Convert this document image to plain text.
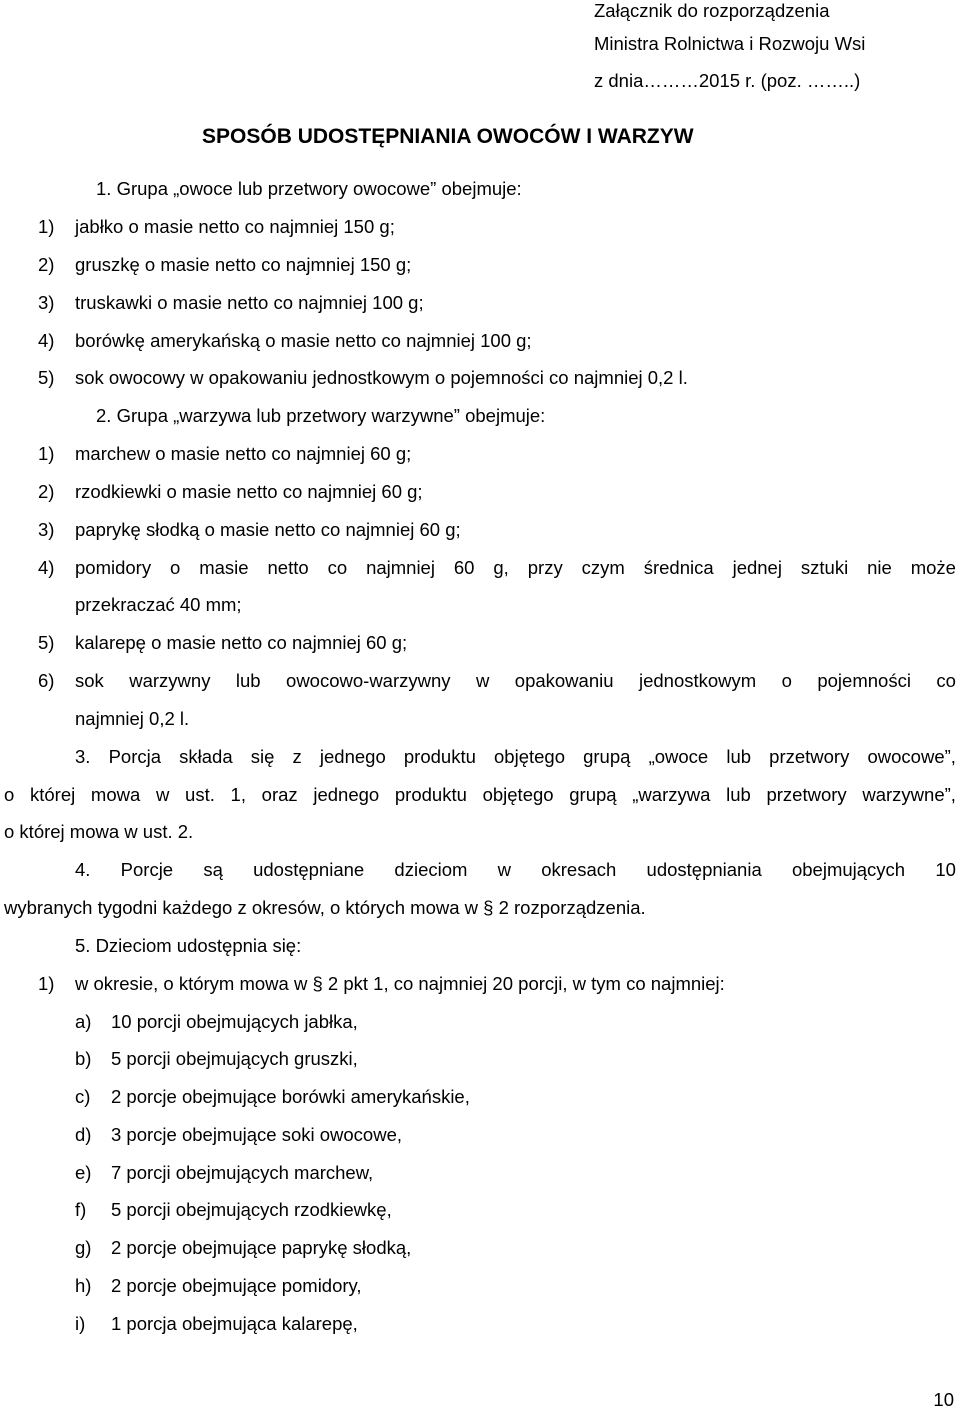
Załącznik do rozporządzenia
Ministra Rolnictwa i Rozwoju Wsi
z dnia………2015 r. (poz. ……..)
SPOSÓB UDOSTĘPNIANIA OWOCÓW I WARZYW
1. Grupa „owoce lub przetwory owocowe” obejmuje:
1) jabłko o masie netto co najmniej 150 g;
2) gruszkę o masie netto co najmniej 150 g;
3) truskawki o masie netto co najmniej 100 g;
4) borówkę amerykańską o masie netto co najmniej 100 g;
5) sok owocowy w opakowaniu jednostkowym o pojemności co najmniej 0,2 l.
2. Grupa „warzywa lub przetwory warzywne” obejmuje:
1) marchew o masie netto co najmniej 60 g;
2) rzodkiewki o masie netto co najmniej 60 g;
3) paprykę słodką o masie netto co najmniej 60 g;
4) pomidory o masie netto co najmniej 60 g, przy czym średnica jednej sztuki nie może
przekraczać 40 mm;
5) kalarepę o masie netto co najmniej 60 g;
6) sok warzywny lub owocowo-warzywny w opakowaniu jednostkowym o pojemności co
najmniej 0,2 l.
3. Porcja składa się z jednego produktu objętego grupą „owoce lub przetwory owocowe”,
o której mowa w ust. 1, oraz jednego produktu objętego grupą „warzywa lub przetwory warzywne”,
o której mowa w ust. 2.
4. Porcje są udostępniane dzieciom w okresach udostępniania obejmujących 10
wybranych tygodni każdego z okresów, o których mowa w § 2 rozporządzenia.
5. Dzieciom udostępnia się:
1) w okresie, o którym mowa w § 2 pkt 1, co najmniej 20 porcji, w tym co najmniej:
a) 10 porcji obejmujących jabłka,
b) 5 porcji obejmujących gruszki,
c) 2 porcje obejmujące borówki amerykańskie,
d) 3 porcje obejmujące soki owocowe,
e) 7 porcji obejmujących marchew,
f) 5 porcji obejmujących rzodkiewkę,
g) 2 porcje obejmujące paprykę słodką,
h) 2 porcje obejmujące pomidory,
i) 1 porcja obejmująca kalarepę,
10
